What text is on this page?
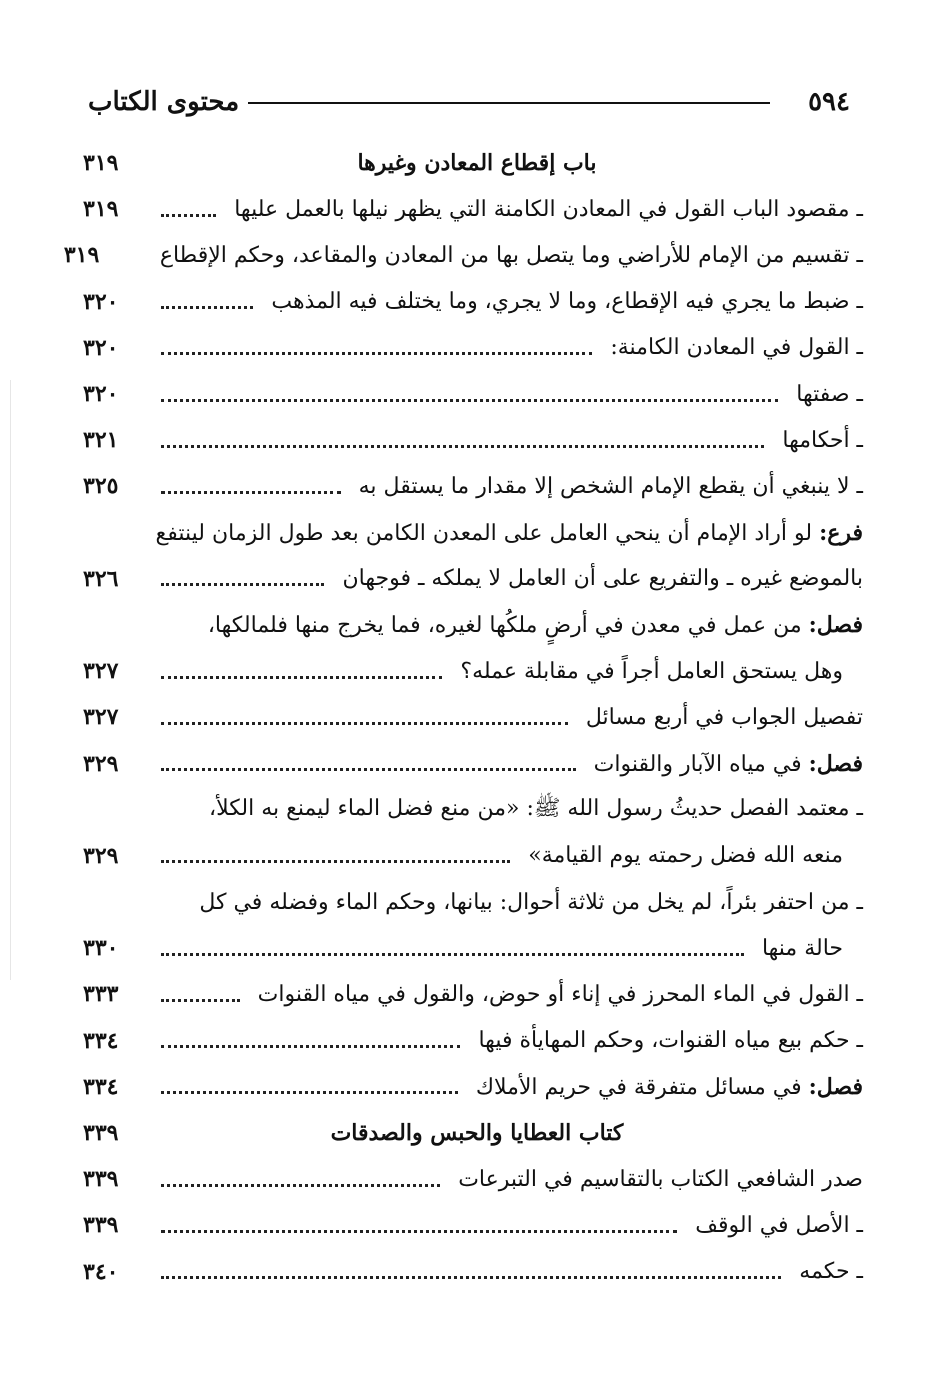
٥٩٤
محتوى الكتاب
باب إقطاع المعادن وغيرها
٣١٩
ـ مقصود الباب القول في المعادن الكامنة التي يظهر نيلها بالعمل عليها
٣١٩
ـ تقسيم من الإمام للأراضي وما يتصل بها من المعادن والمقاعد، وحكم الإقطاع
٣١٩
ـ ضبط ما يجري فيه الإقطاع، وما لا يجري، وما يختلف فيه المذهب
٣٢٠
ـ القول في المعادن الكامنة:
٣٢٠
ـ صفتها
٣٢٠
ـ أحكامها
٣٢١
ـ لا ينبغي أن يقطع الإمام الشخص إلا مقدار ما يستقل به
٣٢٥
فرع: لو أراد الإمام أن ينحي العامل على المعدن الكامن بعد طول الزمان لينتفع
بالموضع غيره ـ والتفريع على أن العامل لا يملكه ـ فوجهان
٣٢٦
فصل: من عمل في معدن في أرضٍ ملكُها لغيره، فما يخرج منها فلمالكها،
وهل يستحق العامل أجراً في مقابلة عمله؟
٣٢٧
تفصيل الجواب في أربع مسائل
٣٢٧
فصل: في مياه الآبار والقنوات
٣٢٩
ـ معتمد الفصل حديثُ رسول الله ﷺ: «من منع فضل الماء ليمنع به الكلأ،
منعه الله فضل رحمته يوم القيامة»
٣٢٩
ـ من احتفر بئراً، لم يخل من ثلاثة أحوال: بيانها، وحكم الماء وفضله في كل
حالة منها
٣٣٠
ـ القول في الماء المحرز في إناء أو حوض، والقول في مياه القنوات
٣٣٣
ـ حكم بيع مياه القنوات، وحكم المهايأة فيها
٣٣٤
فصل: في مسائل متفرقة في حريم الأملاك
٣٣٤
كتاب العطايا والحبس والصدقات
٣٣٩
صدر الشافعي الكتاب بالتقاسيم في التبرعات
٣٣٩
ـ الأصل في الوقف
٣٣٩
ـ حكمه
٣٤٠
